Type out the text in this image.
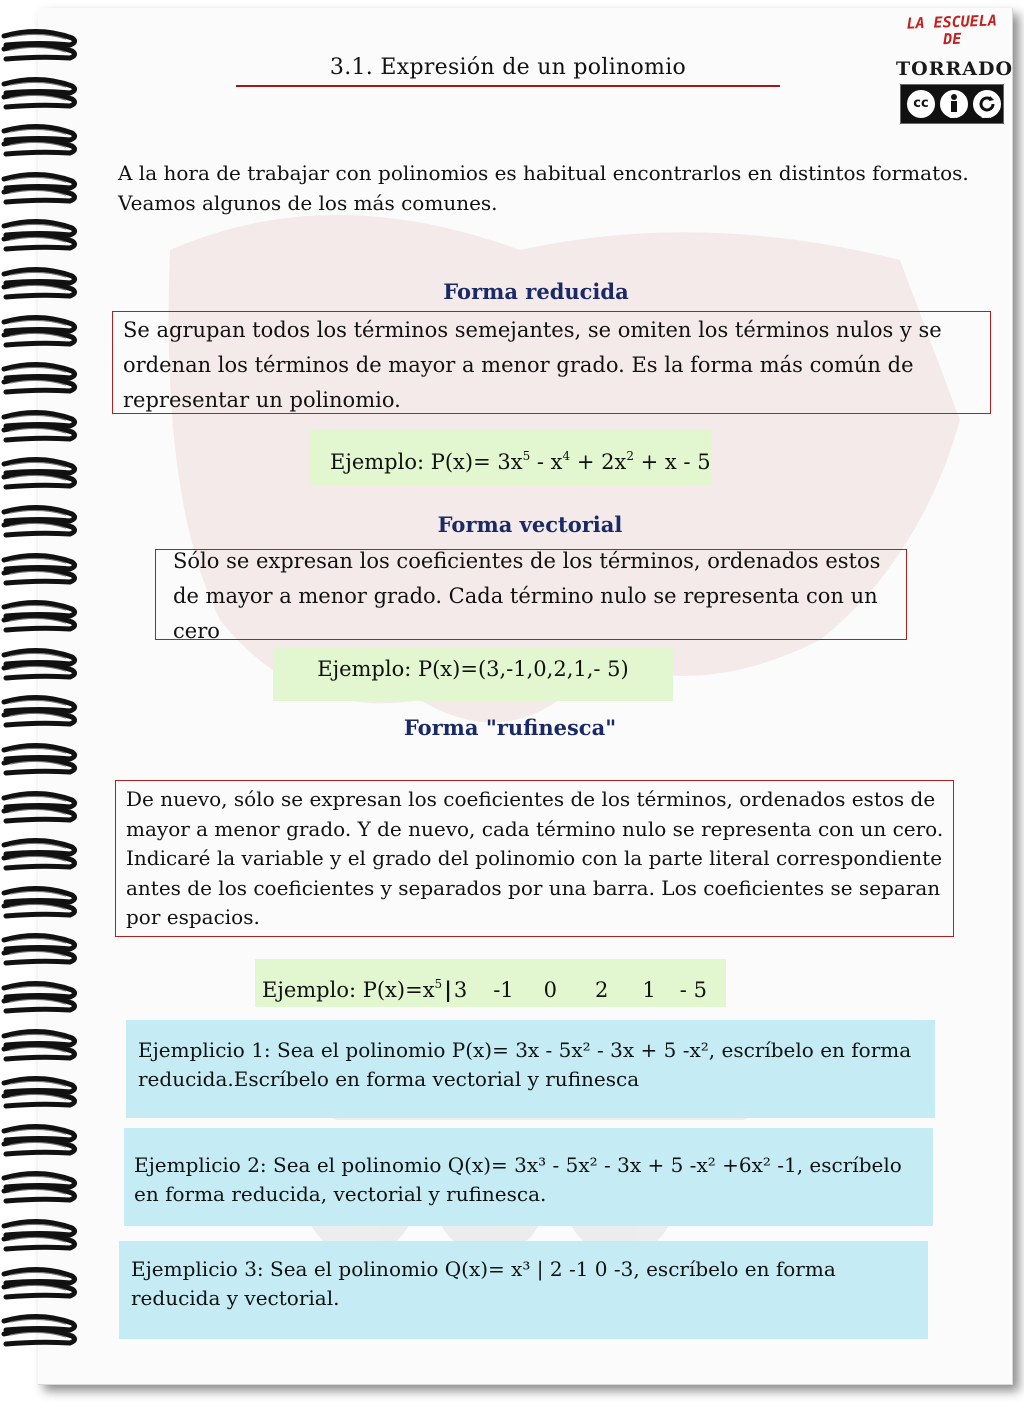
3.1. Expresión de un polinomio
LA ESCUELA
DE
TORRADO
cc
BY	SA
A la hora de trabajar con polinomios es habitual encontrarlos en distintos formatos. Veamos algunos de los más comunes.
Forma reducida
Se agrupan todos los términos semejantes, se omiten los términos nulos y se ordenan los términos de mayor a menor grado. Es la forma más común de representar un polinomio.
Ejemplo: $P(x)= 3x^5 - x^4 + 2x^2 + x - 5$
Forma vectorial
Sólo se expresan los coeficientes de los términos, ordenados estos de mayor a menor grado. Cada término nulo se representa con un cero
Ejemplo: P(x)=(3,-1,0,2,1,- 5)
Forma "rufinesca"
De nuevo, sólo se expresan los coeficientes de los términos, ordenados estos de mayor a menor grado. Y de nuevo, cada término nulo se representa con un cero. Indicaré la variable y el grado del polinomio con la parte literal correspondiente antes de los coeficientes y separados por una barra. Los coeficientes se separan por espacios.
Ejemplo: $P(x)=x^5|3$ -1 0 2 1 - 5
Ejemplicio 1: Sea el polinomio P(x)= 3x - 5x² - 3x + 5 -x², escríbelo en forma reducida.Escríbelo en forma vectorial y rufinesca
Ejemplicio 2: Sea el polinomio Q(x)= 3x³ - 5x² - 3x + 5 -x² +6x² -1, escríbelo en forma reducida, vectorial y rufinesca.
Ejemplicio 3: Sea el polinomio Q(x)= x³ | 2 -1 0 -3, escríbelo en forma reducida y vectorial.
